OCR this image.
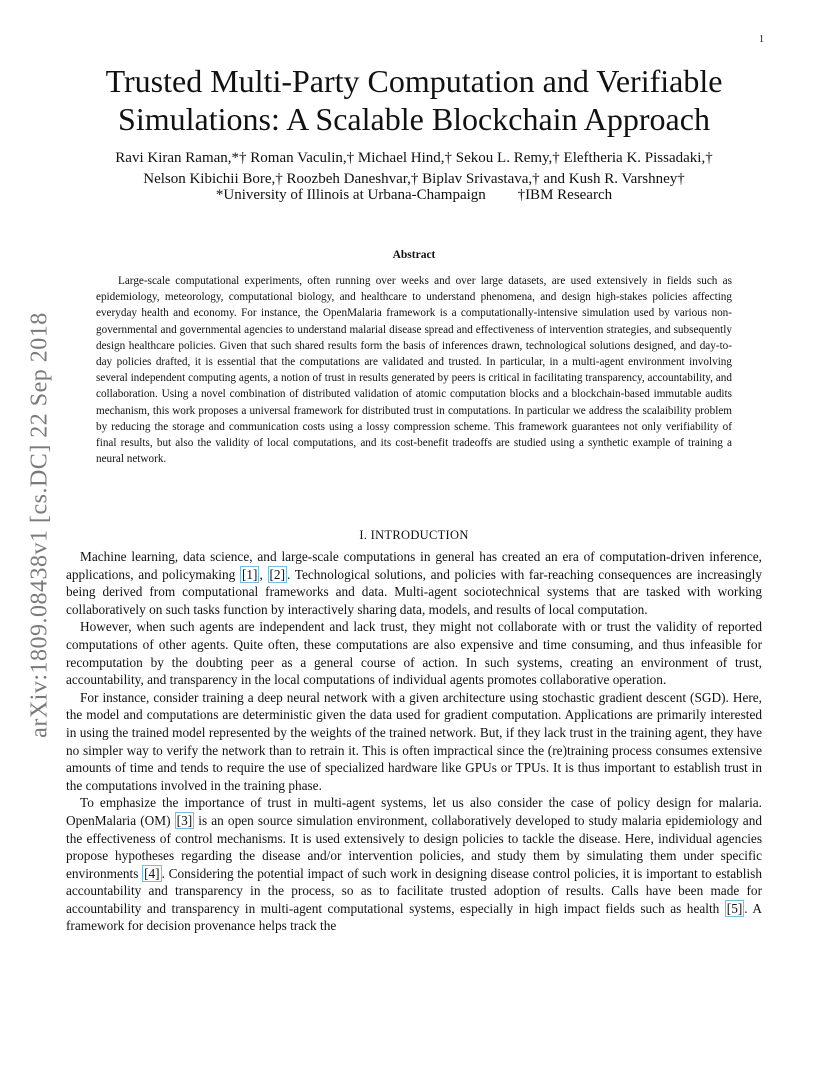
1
arXiv:1809.08438v1 [cs.DC] 22 Sep 2018
Trusted Multi-Party Computation and Verifiable
Simulations: A Scalable Blockchain Approach
Ravi Kiran Raman,*† Roman Vaculin,† Michael Hind,† Sekou L. Remy,† Eleftheria K. Pissadaki,†
Nelson Kibichii Bore,† Roozbeh Daneshvar,† Biplav Srivastava,† and Kush R. Varshney†
*University of Illinois at Urbana-Champaign †IBM Research
Abstract

Large-scale computational experiments, often running over weeks and over large datasets, are used extensively in fields such as epidemiology, meteorology, computational biology, and healthcare to understand phenomena, and design high-stakes policies affecting everyday health and economy. For instance, the OpenMalaria framework is a computationally-intensive simulation used by various non-governmental and governmental agencies to understand malarial disease spread and effectiveness of intervention strategies, and subsequently design healthcare policies. Given that such shared results form the basis of inferences drawn, technological solutions designed, and day-to-day policies drafted, it is essential that the computations are validated and trusted. In particular, in a multi-agent environment involving several independent computing agents, a notion of trust in results generated by peers is critical in facilitating transparency, accountability, and collaboration. Using a novel combination of distributed validation of atomic computation blocks and a blockchain-based immutable audits mechanism, this work proposes a universal framework for distributed trust in computations. In particular we address the scalaibility problem by reducing the storage and communication costs using a lossy compression scheme. This framework guarantees not only verifiability of final results, but also the validity of local computations, and its cost-benefit tradeoffs are studied using a synthetic example of training a neural network.

I. INTRODUCTION

Machine learning, data science, and large-scale computations in general has created an era of computation-driven inference, applications, and policymaking [1] , [2] . Technological solutions, and policies with far-reaching consequences are increasingly being derived from computational frameworks and data. Multi-agent sociotechnical systems that are tasked with working collaboratively on such tasks function by interactively sharing data, models, and results of local computation.

However, when such agents are independent and lack trust, they might not collaborate with or trust the validity of reported computations of other agents. Quite often, these computations are also expensive and time consuming, and thus infeasible for recomputation by the doubting peer as a general course of action. In such systems, creating an environment of trust, accountability, and transparency in the local computations of individual agents promotes collaborative operation.

For instance, consider training a deep neural network with a given architecture using stochastic gradient descent (SGD). Here, the model and computations are deterministic given the data used for gradient computation. Applications are primarily interested in using the trained model represented by the weights of the trained network. But, if they lack trust in the training agent, they have no simpler way to verify the network than to retrain it. This is often impractical since the (re)training process consumes extensive amounts of time and tends to require the use of specialized hardware like GPUs or TPUs. It is thus important to establish trust in the computations involved in the training phase.

To emphasize the importance of trust in multi-agent systems, let us also consider the case of policy design for malaria. OpenMalaria (OM) [3] is an open source simulation environment, collaboratively developed to study malaria epidemiology and the effectiveness of control mechanisms. It is used extensively to design policies to tackle the disease. Here, individual agencies propose hypotheses regarding the disease and/or intervention policies, and study them by simulating them under specific environments [4] . Considering the potential impact of such work in designing disease control policies, it is important to establish accountability and transparency in the process, so as to facilitate trusted adoption of results. Calls have been made for accountability and transparency in multi-agent computational systems, especially in high impact fields such as health [5] . A framework for decision provenance helps track the
